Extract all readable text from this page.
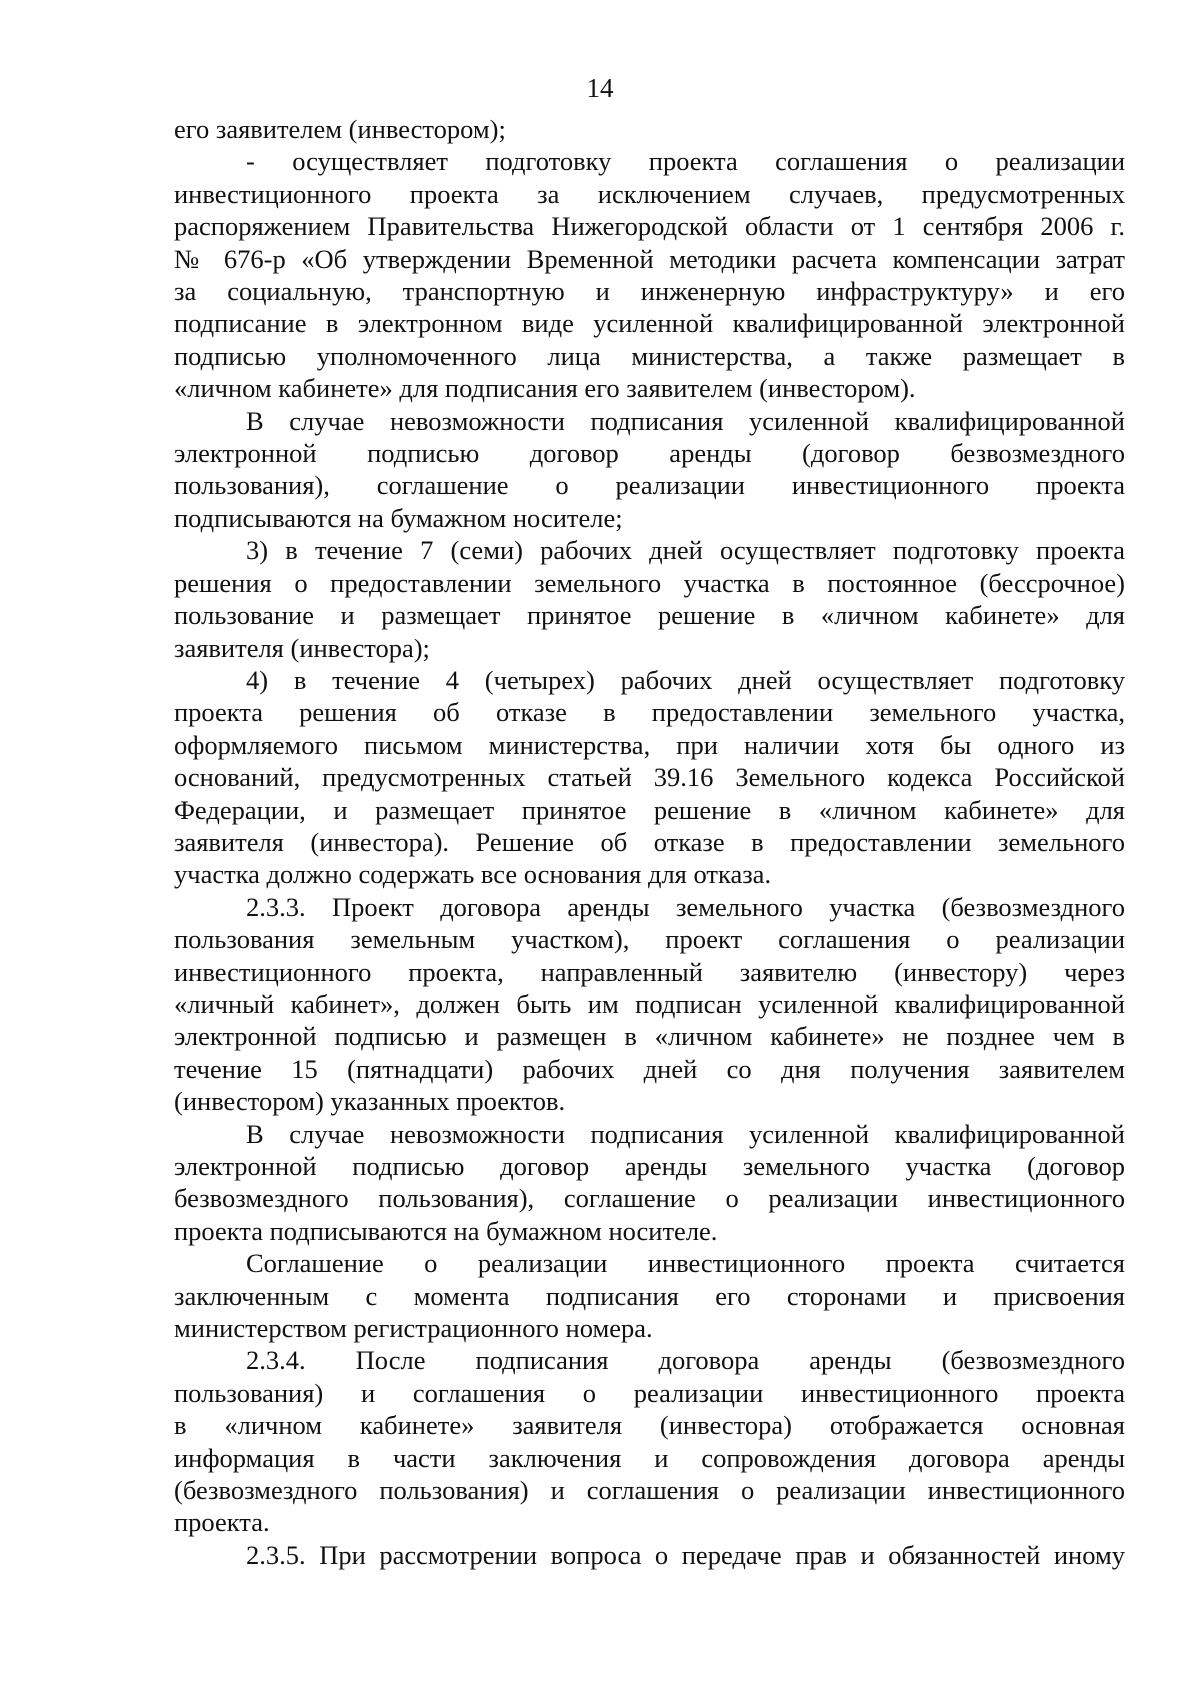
14
его заявителем (инвестором);
- осуществляет подготовку проекта соглашения о реализации
инвестиционного проекта за исключением случаев, предусмотренных
распоряжением Правительства Нижегородской области от 1 сентября 2006 г.
№ 676-р «Об утверждении Временной методики расчета компенсации затрат
за социальную, транспортную и инженерную инфраструктуру» и его
подписание в электронном виде усиленной квалифицированной электронной
подписью уполномоченного лица министерства, а также размещает в
«личном кабинете» для подписания его заявителем (инвестором).
В случае невозможности подписания усиленной квалифицированной
электронной подписью договор аренды (договор безвозмездного
пользования), соглашение о реализации инвестиционного проекта
подписываются на бумажном носителе;
3) в течение 7 (семи) рабочих дней осуществляет подготовку проекта
решения о предоставлении земельного участка в постоянное (бессрочное)
пользование и размещает принятое решение в «личном кабинете» для
заявителя (инвестора);
4) в течение 4 (четырех) рабочих дней осуществляет подготовку
проекта решения об отказе в предоставлении земельного участка,
оформляемого письмом министерства, при наличии хотя бы одного из
оснований, предусмотренных статьей 39.16 Земельного кодекса Российской
Федерации, и размещает принятое решение в «личном кабинете» для
заявителя (инвестора). Решение об отказе в предоставлении земельного
участка должно содержать все основания для отказа.
2.3.3. Проект договора аренды земельного участка (безвозмездного
пользования земельным участком), проект соглашения о реализации
инвестиционного проекта, направленный заявителю (инвестору) через
«личный кабинет», должен быть им подписан усиленной квалифицированной
электронной подписью и размещен в «личном кабинете» не позднее чем в
течение 15 (пятнадцати) рабочих дней со дня получения заявителем
(инвестором) указанных проектов.
В случае невозможности подписания усиленной квалифицированной
электронной подписью договор аренды земельного участка (договор
безвозмездного пользования), соглашение о реализации инвестиционного
проекта подписываются на бумажном носителе.
Соглашение о реализации инвестиционного проекта считается
заключенным с момента подписания его сторонами и присвоения
министерством регистрационного номера.
2.3.4. После подписания договора аренды (безвозмездного
пользования) и соглашения о реализации инвестиционного проекта
в «личном кабинете» заявителя (инвестора) отображается основная
информация в части заключения и сопровождения договора аренды
(безвозмездного пользования) и соглашения о реализации инвестиционного
проекта.
2.3.5. При рассмотрении вопроса о передаче прав и обязанностей иному
